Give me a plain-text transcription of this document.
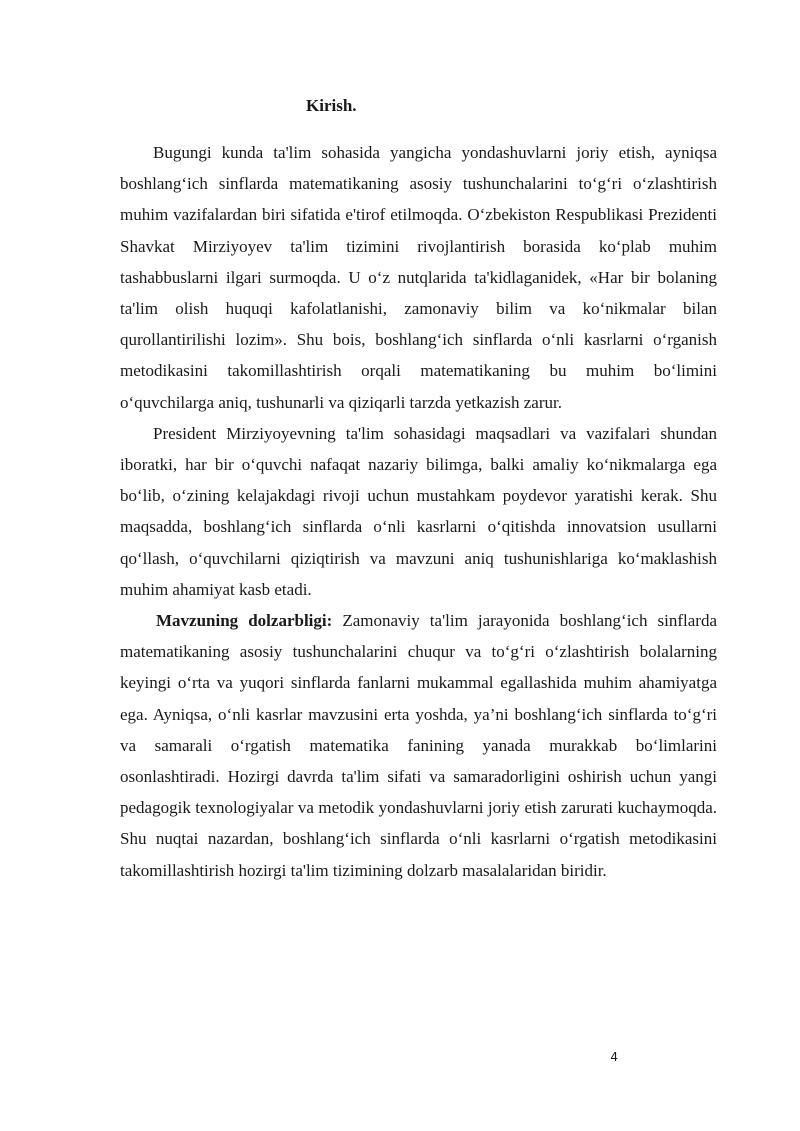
Kirish.

Bugungi kunda ta'lim sohasida yangicha yondashuvlarni joriy etish, ayniqsa boshlang‘ich sinflarda matematikaning asosiy tushunchalarini to‘g‘ri o‘zlashtirish muhim vazifalardan biri sifatida e'tirof etilmoqda. O‘zbekiston Respublikasi Prezidenti Shavkat Mirziyoyev ta'lim tizimini rivojlantirish borasida ko‘plab muhim tashabbuslarni ilgari surmoqda. U o‘z nutqlarida ta'kidlaganidek, «Har bir bolaning ta'lim olish huquqi kafolatlanishi, zamonaviy bilim va ko‘nikmalar bilan qurollantirilishi lozim». Shu bois, boshlang‘ich sinflarda o‘nli kasrlarni o‘rganish metodikasini takomillashtirish orqali matematikaning bu muhim bo‘limini o‘quvchilarga aniq, tushunarli va qiziqarli tarzda yetkazish zarur.

President Mirziyoyevning ta'lim sohasidagi maqsadlari va vazifalari shundan iboratki, har bir o‘quvchi nafaqat nazariy bilimga, balki amaliy ko‘nikmalarga ega bo‘lib, o‘zining kelajakdagi rivoji uchun mustahkam poydevor yaratishi kerak. Shu maqsadda, boshlang‘ich sinflarda o‘nli kasrlarni o‘qitishda innovatsion usullarni qo‘llash, o‘quvchilarni qiziqtirish va mavzuni aniq tushunishlariga ko‘maklashish muhim ahamiyat kasb etadi.

Mavzuning dolzarbligi: Zamonaviy ta'lim jarayonida boshlang‘ich sinflarda matematikaning asosiy tushunchalarini chuqur va to‘g‘ri o‘zlashtirish bolalarning keyingi o‘rta va yuqori sinflarda fanlarni mukammal egallashida muhim ahamiyatga ega. Ayniqsa, o‘nli kasrlar mavzusini erta yoshda, ya’ni boshlang‘ich sinflarda to‘g‘ri va samarali o‘rgatish matematika fanining yanada murakkab bo‘limlarini osonlashtiradi. Hozirgi davrda ta'lim sifati va samaradorligini oshirish uchun yangi pedagogik texnologiyalar va metodik yondashuvlarni joriy etish zarurati kuchaymoqda. Shu nuqtai nazardan, boshlang‘ich sinflarda o‘nli kasrlarni o‘rgatish metodikasini takomillashtirish hozirgi ta'lim tizimining dolzarb masalalaridan biridir.

4
